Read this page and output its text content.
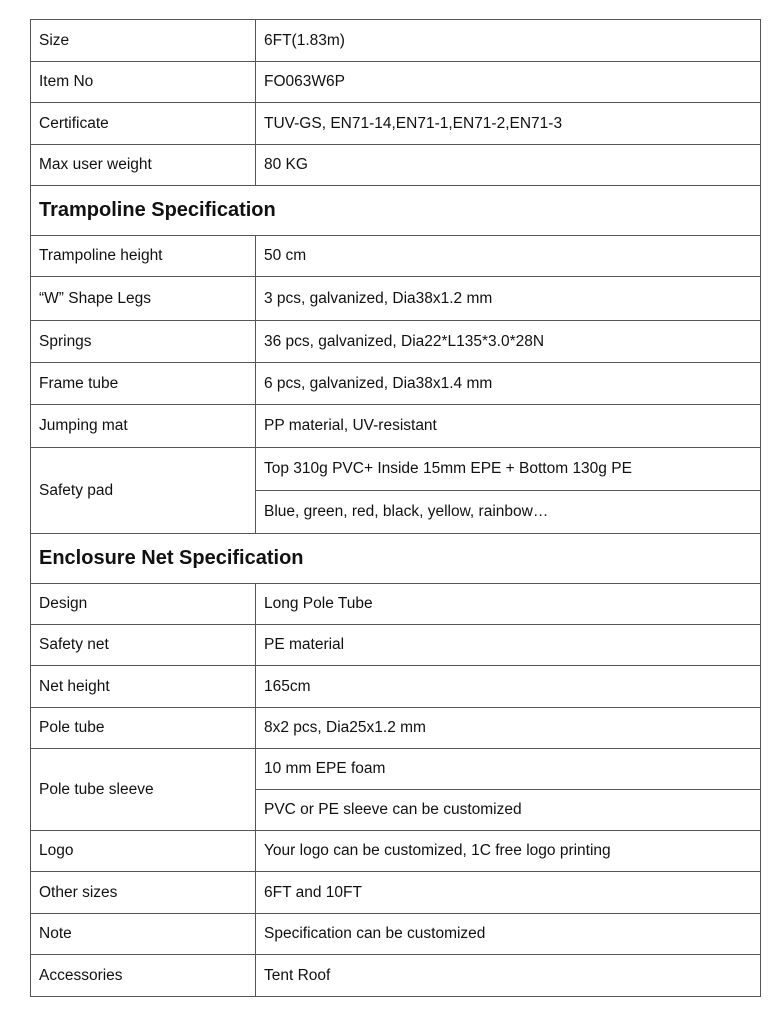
Size	6FT(1.83m)
Item No	FO063W6P
Certificate	TUV-GS, EN71-14,EN71-1,EN71-2,EN71-3
Max user weight	80 KG
Trampoline Specification	
Trampoline height	50 cm
“W” Shape Legs	3 pcs, galvanized, Dia38x1.2 mm
Springs	36 pcs, galvanized, Dia22*L135*3.0*28N
Frame tube	6 pcs, galvanized, Dia38x1.4 mm
Jumping mat	PP material, UV-resistant
Safety pad	Top 310g PVC+ Inside 15mm EPE + Bottom 130g PE
	Blue, green, red, black, yellow, rainbow…
Enclosure Net Specification	
Design	Long Pole Tube
Safety net	PE material
Net height	165cm
Pole tube	8x2 pcs, Dia25x1.2 mm
Pole tube sleeve	10 mm EPE foam
	PVC or PE sleeve can be customized
Logo	Your logo can be customized, 1C free logo printing
Other sizes	6FT and 10FT
Note	Specification can be customized
Accessories	Tent Roof
